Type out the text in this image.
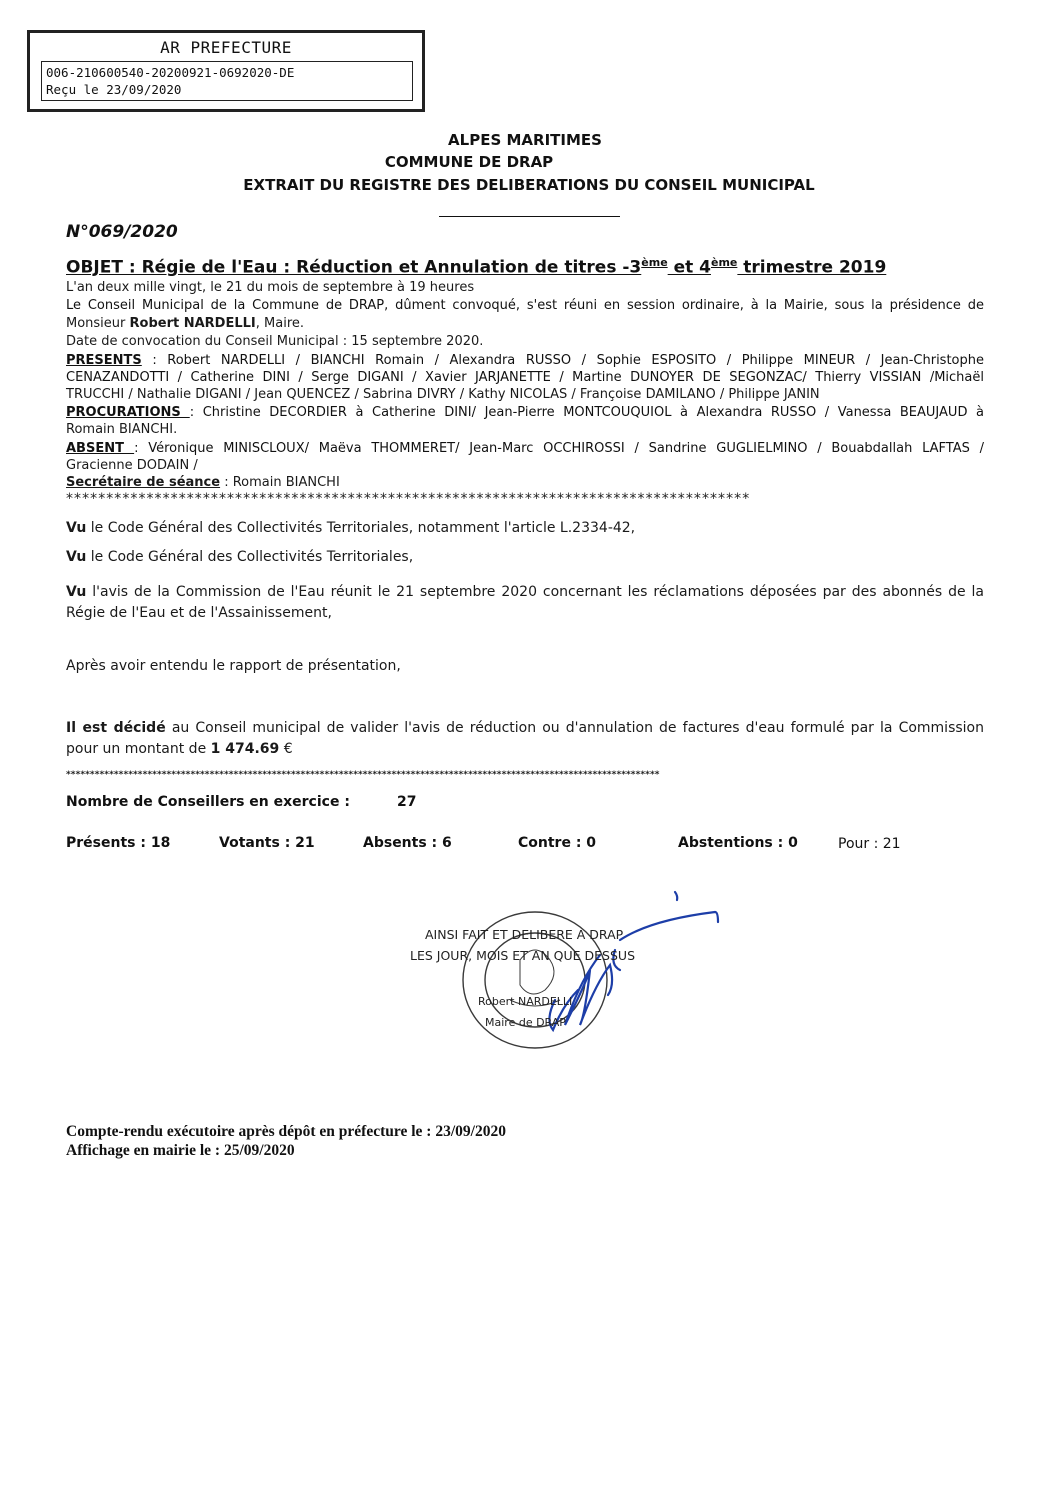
AR PREFECTURE
006-210600540-20200921-0692020-DE
Reçu le 23/09/2020
ALPES MARITIMES
COMMUNE DE DRAP
EXTRAIT DU REGISTRE DES DELIBERATIONS DU CONSEIL MUNICIPAL
N°069/2020
OBJET : Régie de l'Eau : Réduction et Annulation de titres -3ème et 4ème trimestre 2019
L'an deux mille vingt, le 21 du mois de septembre à 19 heures
Le Conseil Municipal de la Commune de DRAP, dûment convoqué, s'est réuni en session ordinaire, à la Mairie, sous la présidence de
Monsieur Robert NARDELLI, Maire.
Date de convocation du Conseil Municipal : 15 septembre 2020.
PRESENTS : Robert NARDELLI / BIANCHI Romain / Alexandra RUSSO / Sophie ESPOSITO / Philippe MINEUR / Jean-Christophe
CENAZANDOTTI / Catherine DINI / Serge DIGANI / Xavier JARJANETTE / Martine DUNOYER DE SEGONZAC/ Thierry VISSIAN /Michaël
TRUCCHI / Nathalie DIGANI / Jean QUENCEZ / Sabrina DIVRY / Kathy NICOLAS / Françoise DAMILANO / Philippe JANIN
PROCURATIONS : Christine DECORDIER à Catherine DINI/ Jean-Pierre MONTCOUQUIOL à Alexandra RUSSO / Vanessa BEAUJAUD à
Romain BIANCHI.
ABSENT : Véronique MINISCLOUX/ Maëva THOMMERET/ Jean-Marc OCCHIROSSI / Sandrine GUGLIELMINO / Bouabdallah LAFTAS /
Gracienne DODAIN /
Secrétaire de séance : Romain BIANCHI
*************************************************************************************
Vu le Code Général des Collectivités Territoriales, notamment l'article L.2334-42,
Vu le Code Général des Collectivités Territoriales,
Vu l'avis de la Commission de l'Eau réunit le 21 septembre 2020 concernant les réclamations déposées par des abonnés de la Régie de l'Eau et de l'Assainissement,
Après avoir entendu le rapport de présentation,
Il est décidé au Conseil municipal de valider l'avis de réduction ou d'annulation de factures d'eau formulé par la Commission pour un montant de 1 474.69 €
****************************************************************************************************************************
Nombre de Conseillers en exercice :	27
Présents : 18	Votants : 21	Absents : 6	Contre : 0	Abstentions : 0	Pour : 21
AINSI FAIT ET DELIBERE A DRAP
LES JOUR, MOIS ET AN QUE DESSUS
Robert NARDELLI
Maire de DRAP
Compte-rendu exécutoire après dépôt en préfecture le : 23/09/2020
Affichage en mairie le : 25/09/2020
